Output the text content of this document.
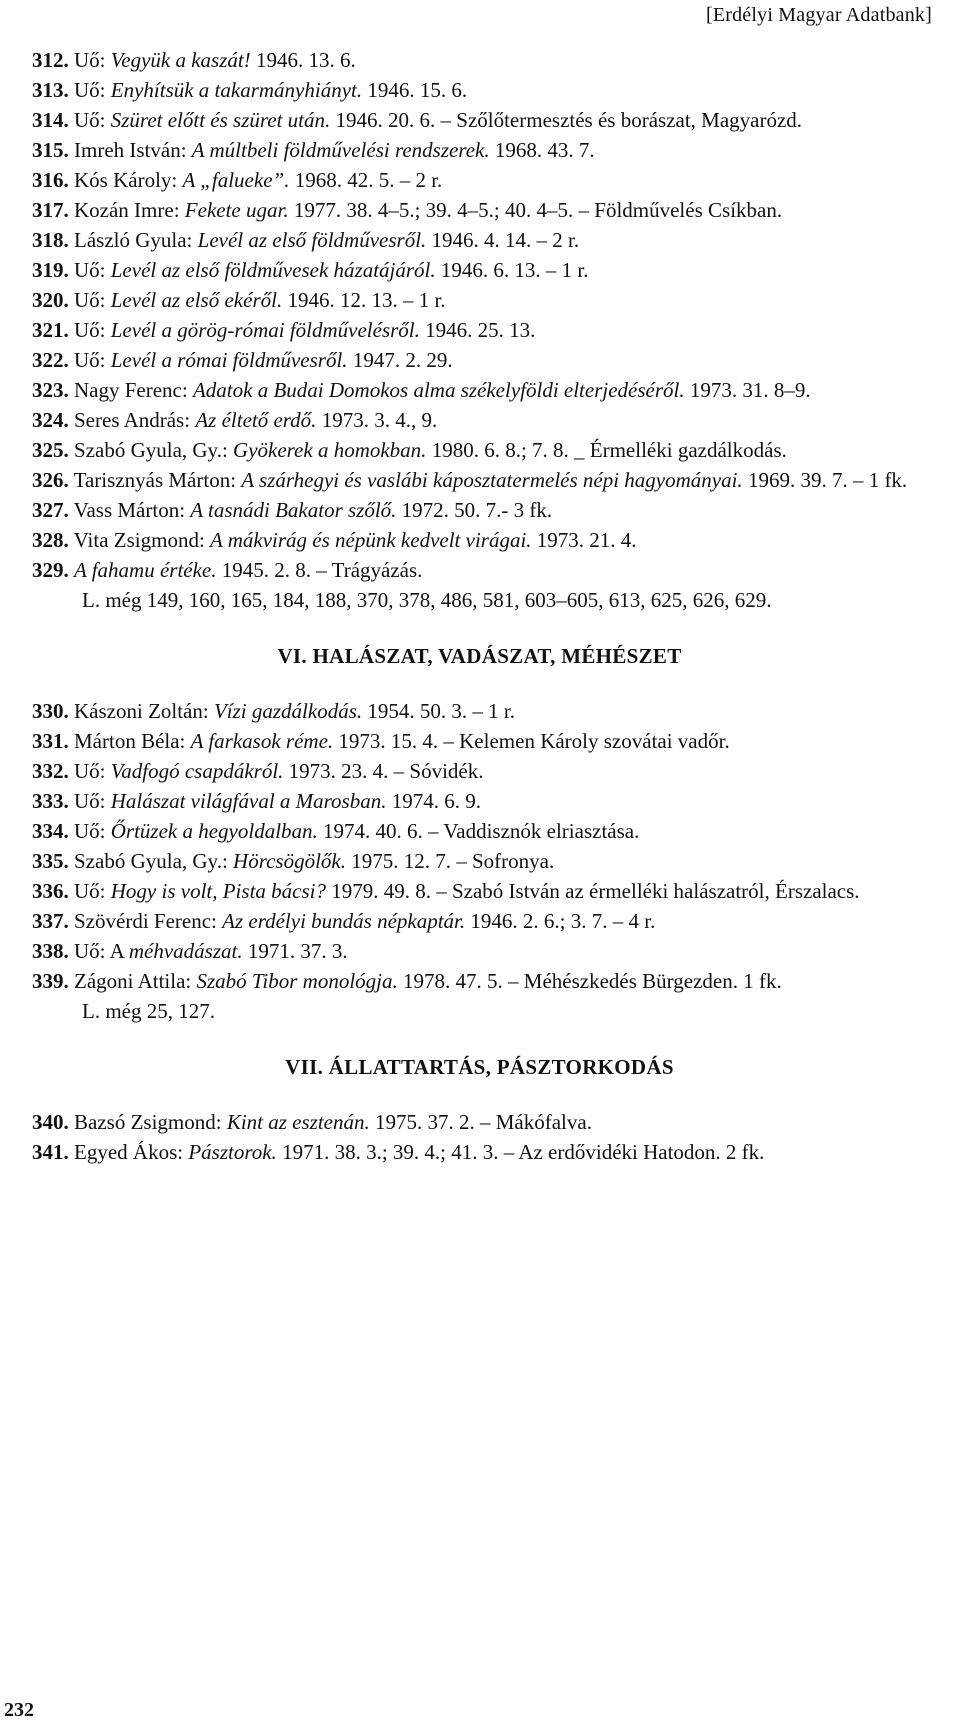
[Erdélyi Magyar Adatbank]

312. Uő: Vegyük a kaszát! 1946. 13. 6.

313. Uő: Enyhítsük a takarmányhiányt. 1946. 15. 6.

314. Uő: Szüret előtt és szüret után. 1946. 20. 6. – Szőlőtermesztés és borászat, Magyarózd.

315. Imreh István: A múltbeli földművelési rendszerek. 1968. 43. 7.

316. Kós Károly: A „falueke”. 1968. 42. 5. – 2 r.

317. Kozán Imre: Fekete ugar. 1977. 38. 4–5.; 39. 4–5.; 40. 4–5. – Földművelés Csíkban.

318. László Gyula: Levél az első földművesről. 1946. 4. 14. – 2 r.

319. Uő: Levél az első földművesek házatájáról. 1946. 6. 13. – 1 r.

320. Uő: Levél az első ekéről. 1946. 12. 13. – 1 r.

321. Uő: Levél a görög-római földművelésről. 1946. 25. 13.

322. Uő: Levél a római földművesről. 1947. 2. 29.

323. Nagy Ferenc: Adatok a Budai Domokos alma székelyföldi elterjedéséről. 1973. 31. 8–9.

324. Seres András: Az éltető erdő. 1973. 3. 4., 9.

325. Szabó Gyula, Gy.: Gyökerek a homokban. 1980. 6. 8.; 7. 8. _ Érmelléki gazdálkodás.

326. Tarisznyás Márton: A szárhegyi és vaslábi káposztatermelés népi hagyományai. 1969. 39. 7. – 1 fk.

327. Vass Márton: A tasnádi Bakator szőlő. 1972. 50. 7.- 3 fk.

328. Vita Zsigmond: A mákvirág és népünk kedvelt virágai. 1973. 21. 4.

329. A fahamu értéke. 1945. 2. 8. – Trágyázás.

L. még 149, 160, 165, 184, 188, 370, 378, 486, 581, 603–605, 613, 625, 626, 629.

VI. HALÁSZAT, VADÁSZAT, MÉHÉSZET

330. Kászoni Zoltán: Vízi gazdálkodás. 1954. 50. 3. – 1 r.

331. Márton Béla: A farkasok réme. 1973. 15. 4. – Kelemen Károly szovátai vadőr.

332. Uő: Vadfogó csapdákról. 1973. 23. 4. – Sóvidék.

333. Uő: Halászat világfával a Marosban. 1974. 6. 9.

334. Uő: Őrtüzek a hegyoldalban. 1974. 40. 6. – Vaddisznók elriasztása.

335. Szabó Gyula, Gy.: Hörcsögölők. 1975. 12. 7. – Sofronya.

336. Uő: Hogy is volt, Pista bácsi? 1979. 49. 8. – Szabó István az érmelléki halászatról, Érszalacs.

337. Szövérdi Ferenc: Az erdélyi bundás népkaptár. 1946. 2. 6.; 3. 7. – 4 r.

338. Uő: A méhvadászat. 1971. 37. 3.

339. Zágoni Attila: Szabó Tibor monológja. 1978. 47. 5. – Méhészkedés Bürgezden. 1 fk.

L. még 25, 127.

VII. ÁLLATTARTÁS, PÁSZTORKODÁS

340. Bazsó Zsigmond: Kint az esztenán. 1975. 37. 2. – Mákófalva.

341. Egyed Ákos: Pásztorok. 1971. 38. 3.; 39. 4.; 41. 3. – Az erdővidéki Hatodon. 2 fk.

232
